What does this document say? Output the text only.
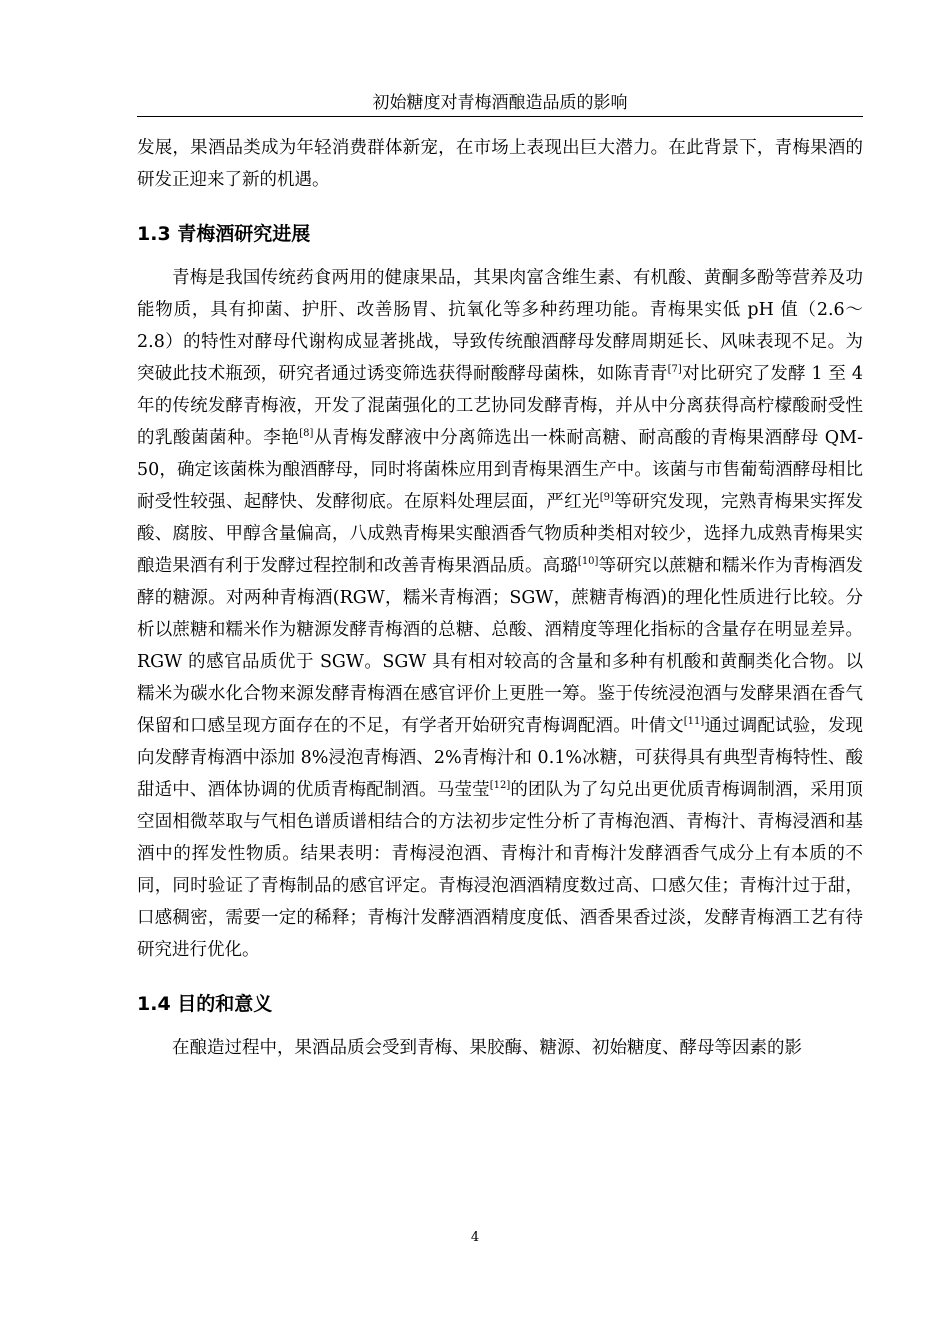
初始糖度对青梅酒酿造品质的影响

发展，果酒品类成为年轻消费群体新宠，在市场上表现出巨大潜力。在此背景下，青梅果酒的研发正迎来了新的机遇。

1.3 青梅酒研究进展

青梅是我国传统药食两用的健康果品，其果肉富含维生素、有机酸、黄酮多酚等营养及功能物质，具有抑菌、护肝、改善肠胃、抗氧化等多种药理功能。青梅果实低 pH 值（2.6～2.8）的特性对酵母代谢构成显著挑战，导致传统酿酒酵母发酵周期延长、风味表现不足。为突破此技术瓶颈，研究者通过诱变筛选获得耐酸酵母菌株，如陈青青[7]对比研究了发酵 1 至 4 年的传统发酵青梅液，开发了混菌强化的工艺协同发酵青梅，并从中分离获得高柠檬酸耐受性的乳酸菌菌种。李艳[8]从青梅发酵液中分离筛选出一株耐高糖、耐高酸的青梅果酒酵母 QM-50，确定该菌株为酿酒酵母，同时将菌株应用到青梅果酒生产中。该菌与市售葡萄酒酵母相比耐受性较强、起酵快、发酵彻底。在原料处理层面，严红光[9]等研究发现，完熟青梅果实挥发酸、腐胺、甲醇含量偏高，八成熟青梅果实酿酒香气物质种类相对较少，选择九成熟青梅果实酿造果酒有利于发酵过程控制和改善青梅果酒品质。高璐[10]等研究以蔗糖和糯米作为青梅酒发酵的糖源。对两种青梅酒(RGW，糯米青梅酒；SGW，蔗糖青梅酒)的理化性质进行比较。分析以蔗糖和糯米作为糖源发酵青梅酒的总糖、总酸、酒精度等理化指标的含量存在明显差异。RGW 的感官品质优于 SGW。SGW 具有相对较高的含量和多种有机酸和黄酮类化合物。以糯米为碳水化合物来源发酵青梅酒在感官评价上更胜一筹。鉴于传统浸泡酒与发酵果酒在香气保留和口感呈现方面存在的不足，有学者开始研究青梅调配酒。叶倩文[11]通过调配试验，发现向发酵青梅酒中添加 8%浸泡青梅酒、2%青梅汁和 0.1%冰糖，可获得具有典型青梅特性、酸甜适中、酒体协调的优质青梅配制酒。马莹莹[12]的团队为了勾兑出更优质青梅调制酒，采用顶空固相微萃取与气相色谱质谱相结合的方法初步定性分析了青梅泡酒、青梅汁、青梅浸酒和基酒中的挥发性物质。结果表明：青梅浸泡酒、青梅汁和青梅汁发酵酒香气成分上有本质的不同，同时验证了青梅制品的感官评定。青梅浸泡酒酒精度数过高、口感欠佳；青梅汁过于甜，口感稠密，需要一定的稀释；青梅汁发酵酒酒精度度低、酒香果香过淡，发酵青梅酒工艺有待研究进行优化。

1.4 目的和意义

在酿造过程中，果酒品质会受到青梅、果胶酶、糖源、初始糖度、酵母等因素的影

4
